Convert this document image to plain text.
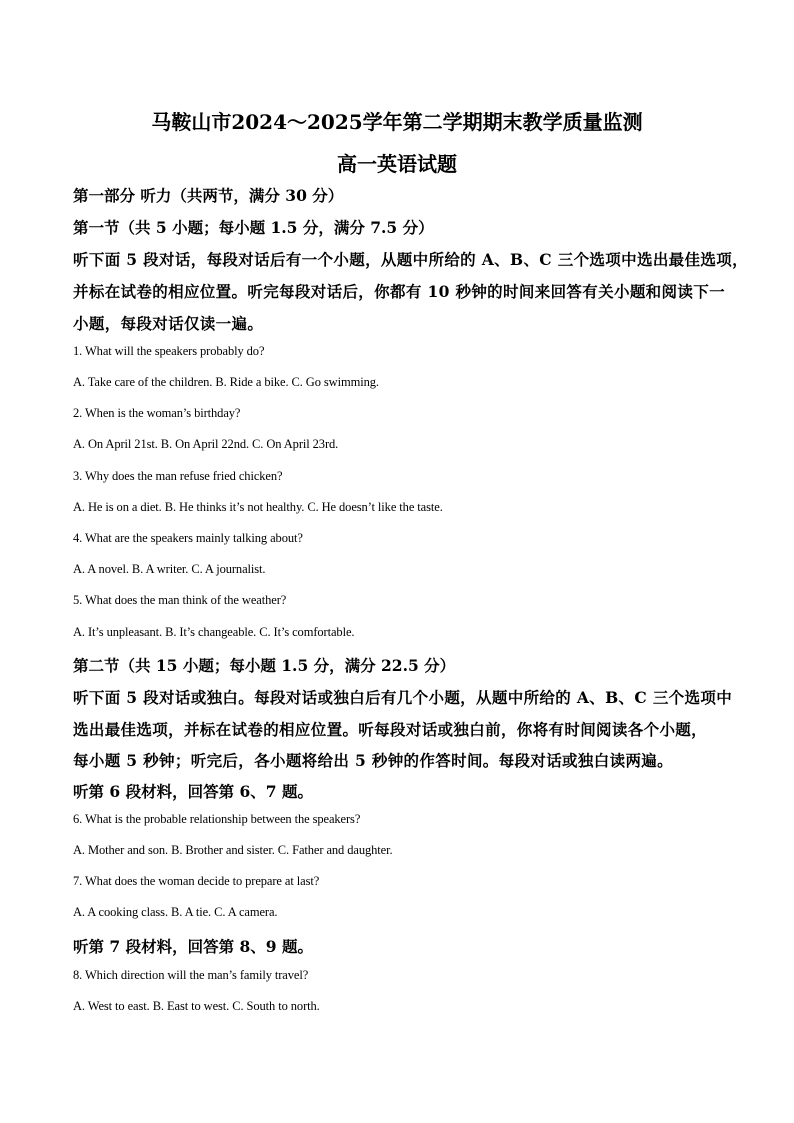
马鞍山市2024～2025学年第二学期期末教学质量监测
高一英语试题
第一部分 听力（共两节，满分 30 分）
第一节（共 5 小题；每小题 1.5 分，满分 7.5 分）
听下面 5 段对话，每段对话后有一个小题，从题中所给的 A、B、C 三个选项中选出最佳选项，
并标在试卷的相应位置。听完每段对话后，你都有 10 秒钟的时间来回答有关小题和阅读下一
小题，每段对话仅读一遍。
1. What will the speakers probably do?
A. Take care of the children. B. Ride a bike. C. Go swimming.
2. When is the woman’s birthday?
A. On April 21st. B. On April 22nd. C. On April 23rd.
3. Why does the man refuse fried chicken?
A. He is on a diet. B. He thinks it’s not healthy. C. He doesn’t like the taste.
4. What are the speakers mainly talking about?
A. A novel. B. A writer. C. A journalist.
5. What does the man think of the weather?
A. It’s unpleasant. B. It’s changeable. C. It’s comfortable.
第二节（共 15 小题；每小题 1.5 分，满分 22.5 分）
听下面 5 段对话或独白。每段对话或独白后有几个小题，从题中所给的 A、B、C 三个选项中
选出最佳选项，并标在试卷的相应位置。听每段对话或独白前，你将有时间阅读各个小题，
每小题 5 秒钟；听完后，各小题将给出 5 秒钟的作答时间。每段对话或独白读两遍。
听第 6 段材料，回答第 6、7 题。
6. What is the probable relationship between the speakers?
A. Mother and son. B. Brother and sister. C. Father and daughter.
7. What does the woman decide to prepare at last?
A. A cooking class. B. A tie. C. A camera.
听第 7 段材料，回答第 8、9 题。
8. Which direction will the man’s family travel?
A. West to east. B. East to west. C. South to north.
